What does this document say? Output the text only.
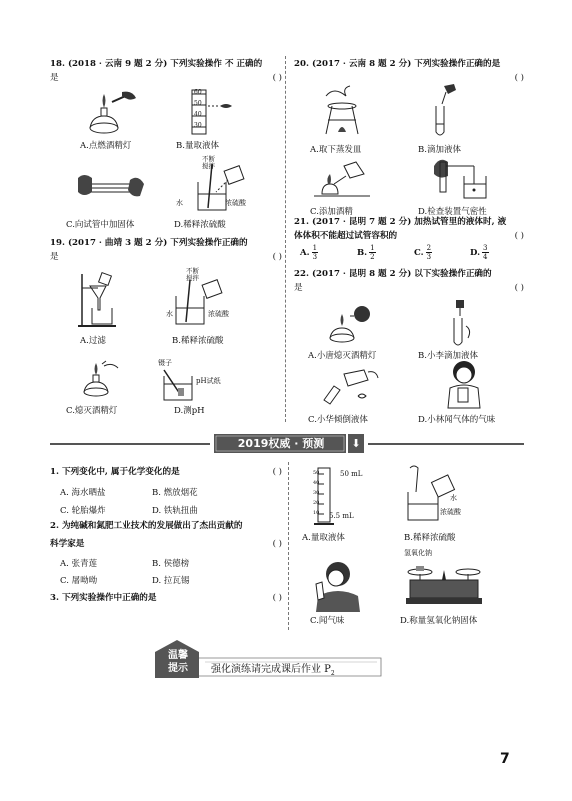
18. (2018 · 云南 9 题 2 分) 下列实验操作 不 正确的

是	( )

A.点燃酒精灯
60
50
40
30
B.量取液体
C.向试管中加固体
不断
搅拌
水	浓硫酸
D.稀释浓硫酸

19. (2017 · 曲靖 3 题 2 分) 下列实验操作正确的

是	( )

A.过滤
不断
搅拌
水	浓硫酸
B.稀释浓硫酸
C.熄灭酒精灯
镊子
pH试纸
D.测pH

20. (2017 · 云南 8 题 2 分) 下列实验操作正确的是

( )

A.取下蒸发皿	B.滴加液体
C.添加酒精	D.检查装置气密性

21. (2017 · 昆明 7 题 2 分) 加热试管里的液体时, 液

体体积不能超过试管容积的	( )

A. $\frac{1}{3}$	B. $\frac{1}{2}$	C. $\frac{2}{3}$	D. $\frac{3}{4}$

22. (2017 · 昆明 8 题 2 分) 以下实验操作正确的

是	( )

A.小唐熄灭酒精灯	B.小李滴加液体
C.小华倾倒液体	D.小林闻气体的气味
2019权威 · 预测	⬇

1. 下列变化中, 属于化学变化的是	( )

A. 海水晒盐	B. 燃放烟花
C. 轮胎爆炸	D. 铁轨扭曲

2. 为纯碱和氮肥工业技术的发展做出了杰出贡献的

科学家是	( )

A. 张青莲	B. 侯德榜
C. 屠呦呦	D. 拉瓦锡

3. 下列实验操作中正确的是	( )

50
40
30
20
10
50 mL
5.5 mL
A.量取液体
水
浓硫酸
B.稀释浓硫酸
C.闻气味
氢氧化钠
D.称量氢氧化钠固体
温馨
提示	强化演练请完成课后作业 $P_2$
7
